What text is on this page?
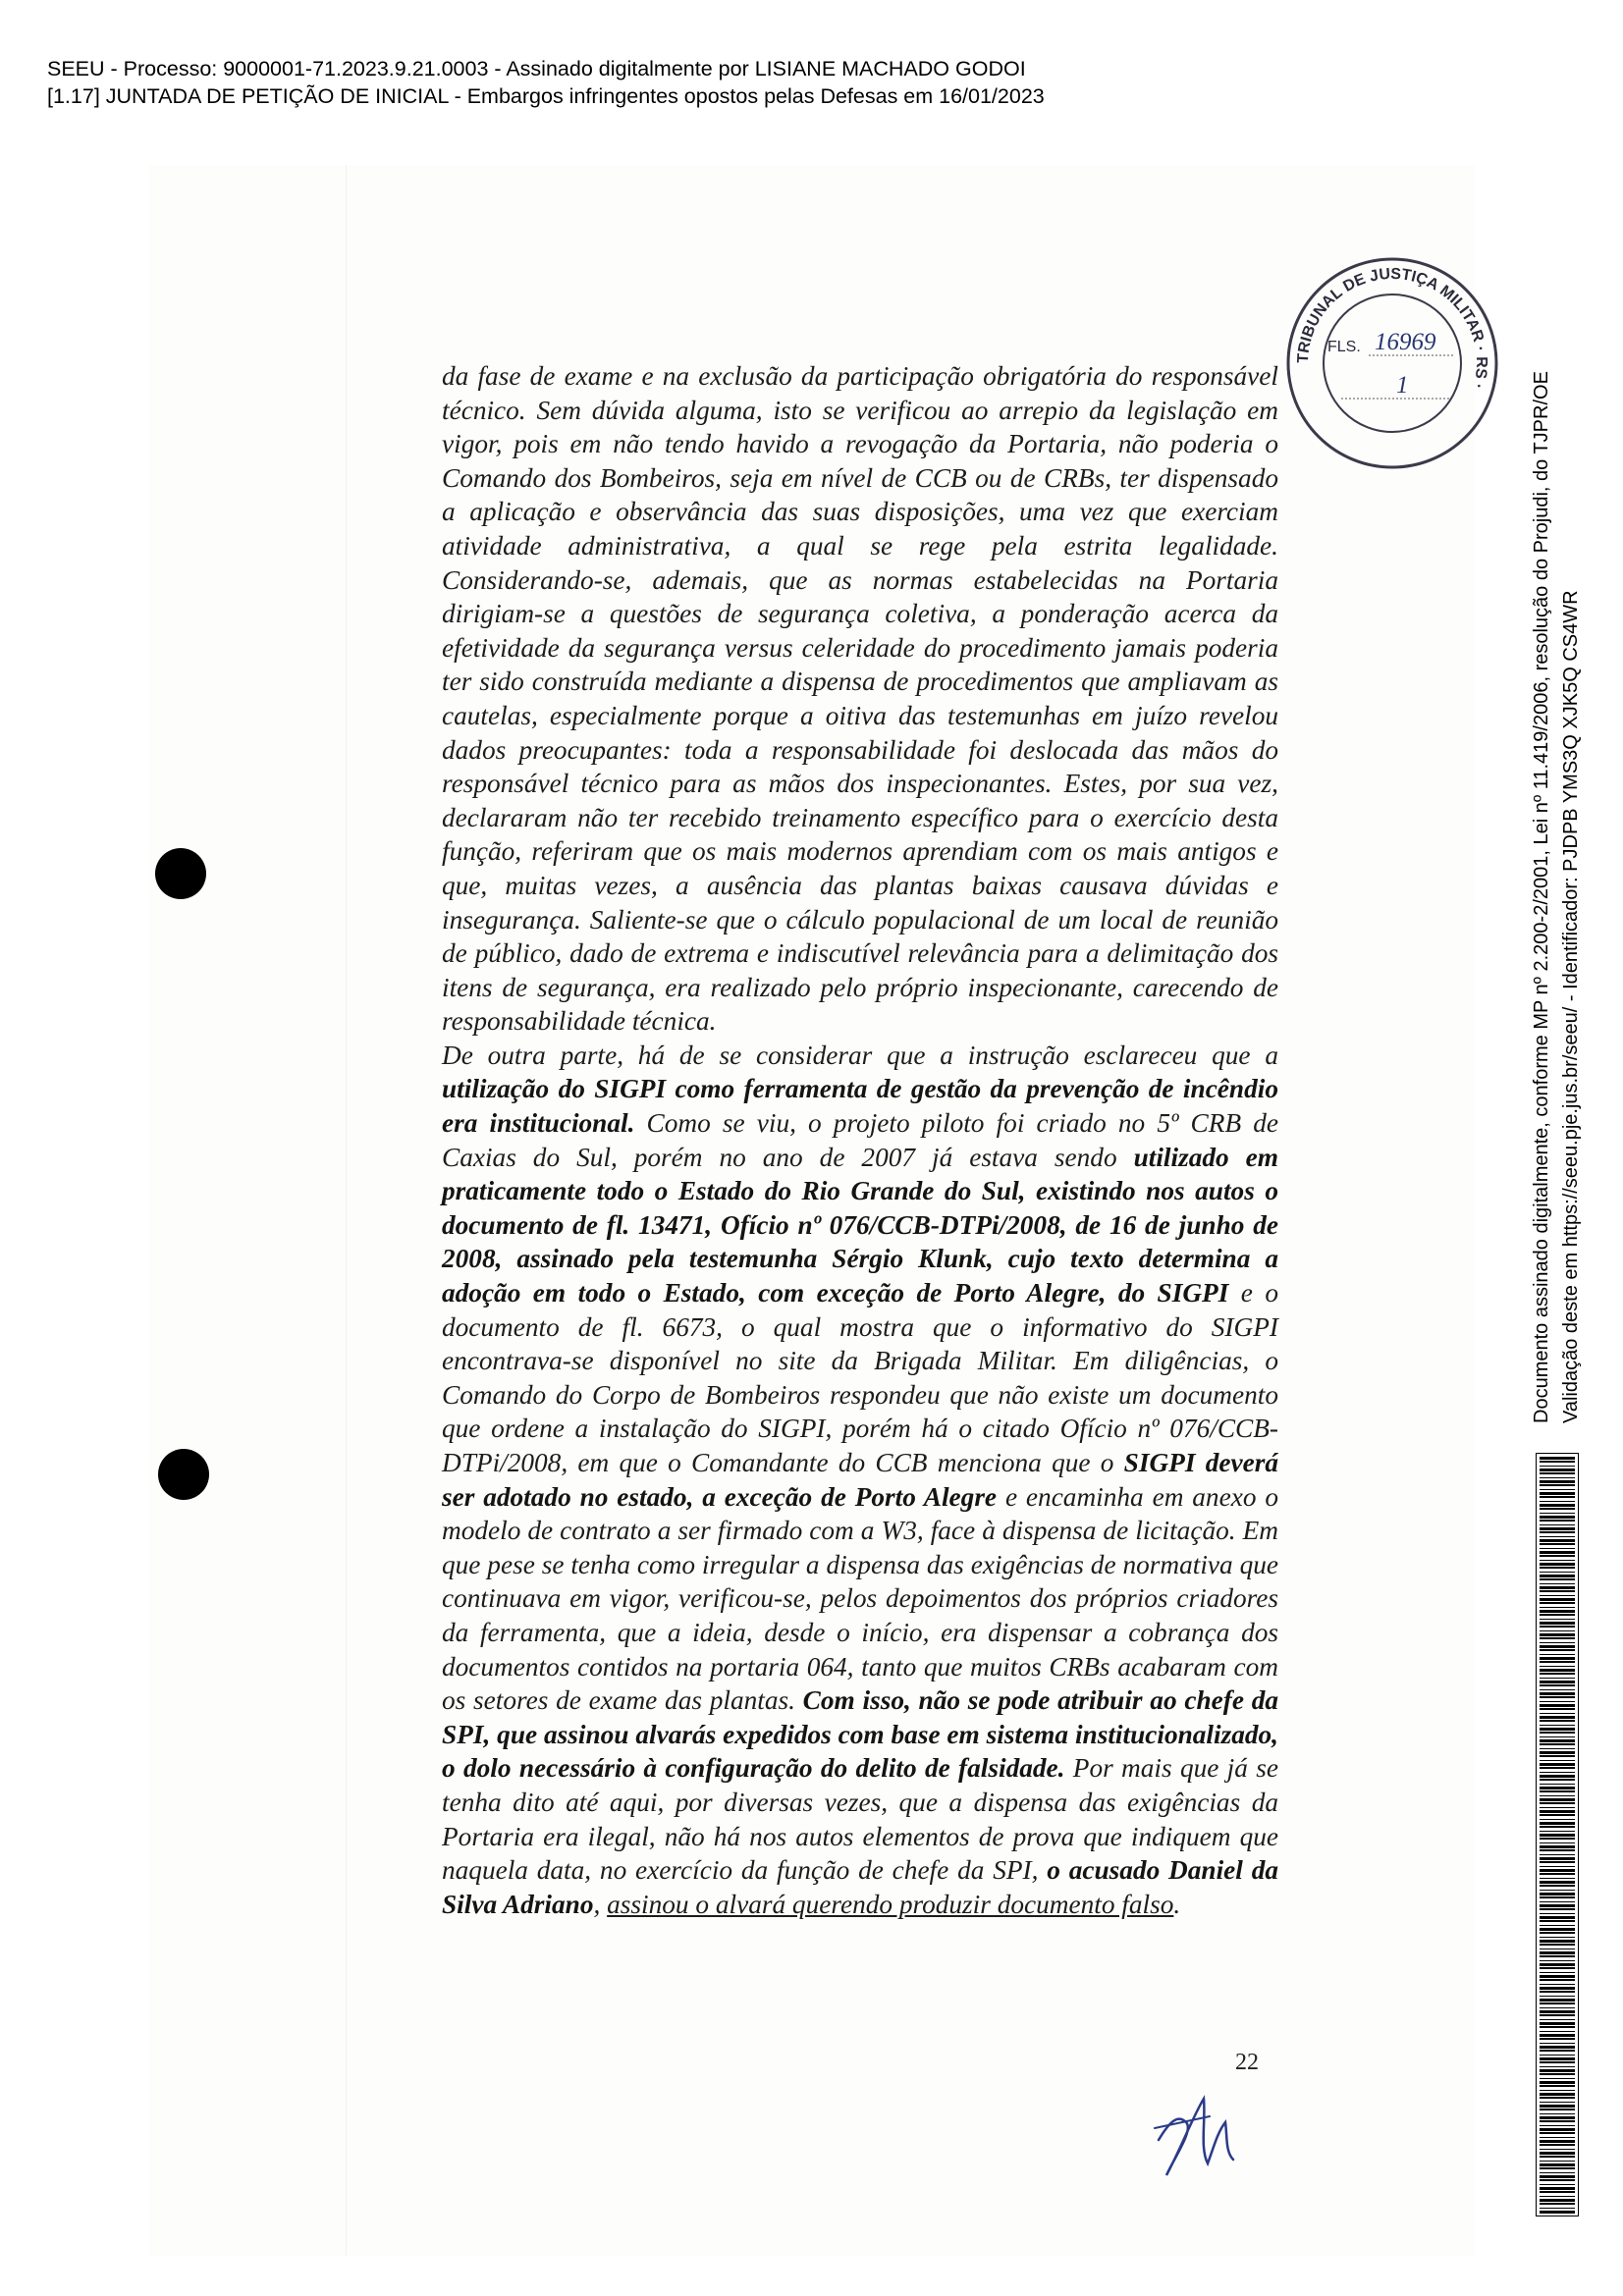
SEEU - Processo: 9000001-71.2023.9.21.0003 - Assinado digitalmente por LISIANE MACHADO GODOI
[1.17] JUNTADA DE PETIÇÃO DE INICIAL - Embargos infringentes opostos pelas Defesas em 16/01/2023
TRIBUNAL DE JUSTIÇA MILITAR · RS ·
FLS. 16969
1

da fase de exame e na exclusão da participação obrigatória do responsável técnico. Sem dúvida alguma, isto se verificou ao arrepio da legislação em vigor, pois em não tendo havido a revogação da Portaria, não poderia o Comando dos Bombeiros, seja em nível de CCB ou de CRBs, ter dispensado a aplicação e observância das suas disposições, uma vez que exerciam atividade administrativa, a qual se rege pela estrita legalidade. Considerando-se, ademais, que as normas estabelecidas na Portaria dirigiam-se a questões de segurança coletiva, a ponderação acerca da efetividade da segurança versus celeridade do procedimento jamais poderia ter sido construída mediante a dispensa de procedimentos que ampliavam as cautelas, especialmente porque a oitiva das testemunhas em juízo revelou dados preocupantes: toda a responsabilidade foi deslocada das mãos do responsável técnico para as mãos dos inspecionantes. Estes, por sua vez, declararam não ter recebido treinamento específico para o exercício desta função, referiram que os mais modernos aprendiam com os mais antigos e que, muitas vezes, a ausência das plantas baixas causava dúvidas e insegurança. Saliente-se que o cálculo populacional de um local de reunião de público, dado de extrema e indiscutível relevância para a delimitação dos itens de segurança, era realizado pelo próprio inspecionante, carecendo de responsabilidade técnica.

De outra parte, há de se considerar que a instrução esclareceu que a utilização do SIGPI como ferramenta de gestão da prevenção de incêndio era institucional. Como se viu, o projeto piloto foi criado no 5º CRB de Caxias do Sul, porém no ano de 2007 já estava sendo utilizado em praticamente todo o Estado do Rio Grande do Sul, existindo nos autos o documento de fl. 13471, Ofício nº 076/CCB-DTPi/2008, de 16 de junho de 2008, assinado pela testemunha Sérgio Klunk, cujo texto determina a adoção em todo o Estado, com exceção de Porto Alegre, do SIGPI e o documento de fl. 6673, o qual mostra que o informativo do SIGPI encontrava-se disponível no site da Brigada Militar. Em diligências, o Comando do Corpo de Bombeiros respondeu que não existe um documento que ordene a instalação do SIGPI, porém há o citado Ofício nº 076/CCB-DTPi/2008, em que o Comandante do CCB menciona que o SIGPI deverá ser adotado no estado, a exceção de Porto Alegre e encaminha em anexo o modelo de contrato a ser firmado com a W3, face à dispensa de licitação. Em que pese se tenha como irregular a dispensa das exigências de normativa que continuava em vigor, verificou-se, pelos depoimentos dos próprios criadores da ferramenta, que a ideia, desde o início, era dispensar a cobrança dos documentos contidos na portaria 064, tanto que muitos CRBs acabaram com os setores de exame das plantas. Com isso, não se pode atribuir ao chefe da SPI, que assinou alvarás expedidos com base em sistema institucionalizado, o dolo necessário à configuração do delito de falsidade. Por mais que já se tenha dito até aqui, por diversas vezes, que a dispensa das exigências da Portaria era ilegal, não há nos autos elementos de prova que indiquem que naquela data, no exercício da função de chefe da SPI, o acusado Daniel da Silva Adriano, assinou o alvará querendo produzir documento falso.

22
Documento assinado digitalmente, conforme MP nº 2.200-2/2001, Lei nº 11.419/2006, resolução do Projudi, do TJPR/OE Validação deste em https://seeu.pje.jus.br/seeu/ - Identificador: PJDPB YMS3Q XJK5Q CS4WR
